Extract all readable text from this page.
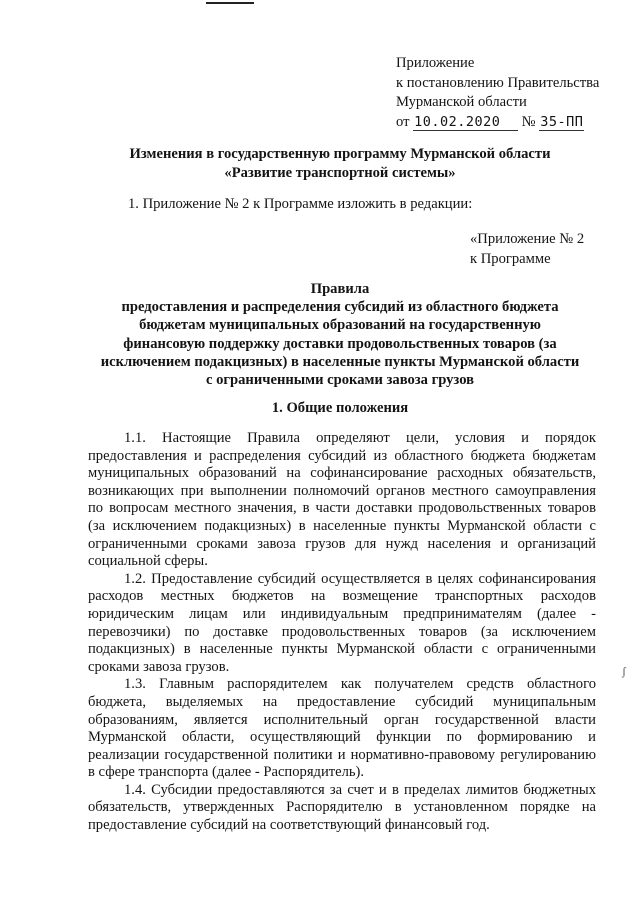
Приложение
к постановлению Правительства
Мурманской области
от 10.02.2020 № 35-ПП
Изменения в государственную программу Мурманской области
«Развитие транспортной системы»
1. Приложение № 2 к Программе изложить в редакции:
«Приложение № 2
к Программе
Правила
предоставления и распределения субсидий из областного бюджета
бюджетам муниципальных образований на государственную
финансовую поддержку доставки продовольственных товаров (за
исключением подакцизных) в населенные пункты Мурманской области
с ограниченными сроками завоза грузов
1. Общие положения

1.1. Настоящие Правила определяют цели, условия и порядок предоставления и распределения субсидий из областного бюджета бюджетам муниципальных образований на софинансирование расходных обязательств, возникающих при выполнении полномочий органов местного самоуправления по вопросам местного значения, в части доставки продовольственных товаров (за исключением подакцизных) в населенные пункты Мурманской области с ограниченными сроками завоза грузов для нужд населения и организаций социальной сферы.

1.2. Предоставление субсидий осуществляется в целях софинансирования расходов местных бюджетов на возмещение транспортных расходов юридическим лицам или индивидуальным предпринимателям (далее - перевозчики) по доставке продовольственных товаров (за исключением подакцизных) в населенные пункты Мурманской области с ограниченными сроками завоза грузов.

1.3. Главным распорядителем как получателем средств областного бюджета, выделяемых на предоставление субсидий муниципальным образованиям, является исполнительный орган государственной власти Мурманской области, осуществляющий функции по формированию и реализации государственной политики и нормативно-правовому регулированию в сфере транспорта (далее - Распорядитель).

1.4. Субсидии предоставляются за счет и в пределах лимитов бюджетных обязательств, утвержденных Распорядителю в установленном порядке на предоставление субсидий на соответствующий финансовый год.

ʃ
